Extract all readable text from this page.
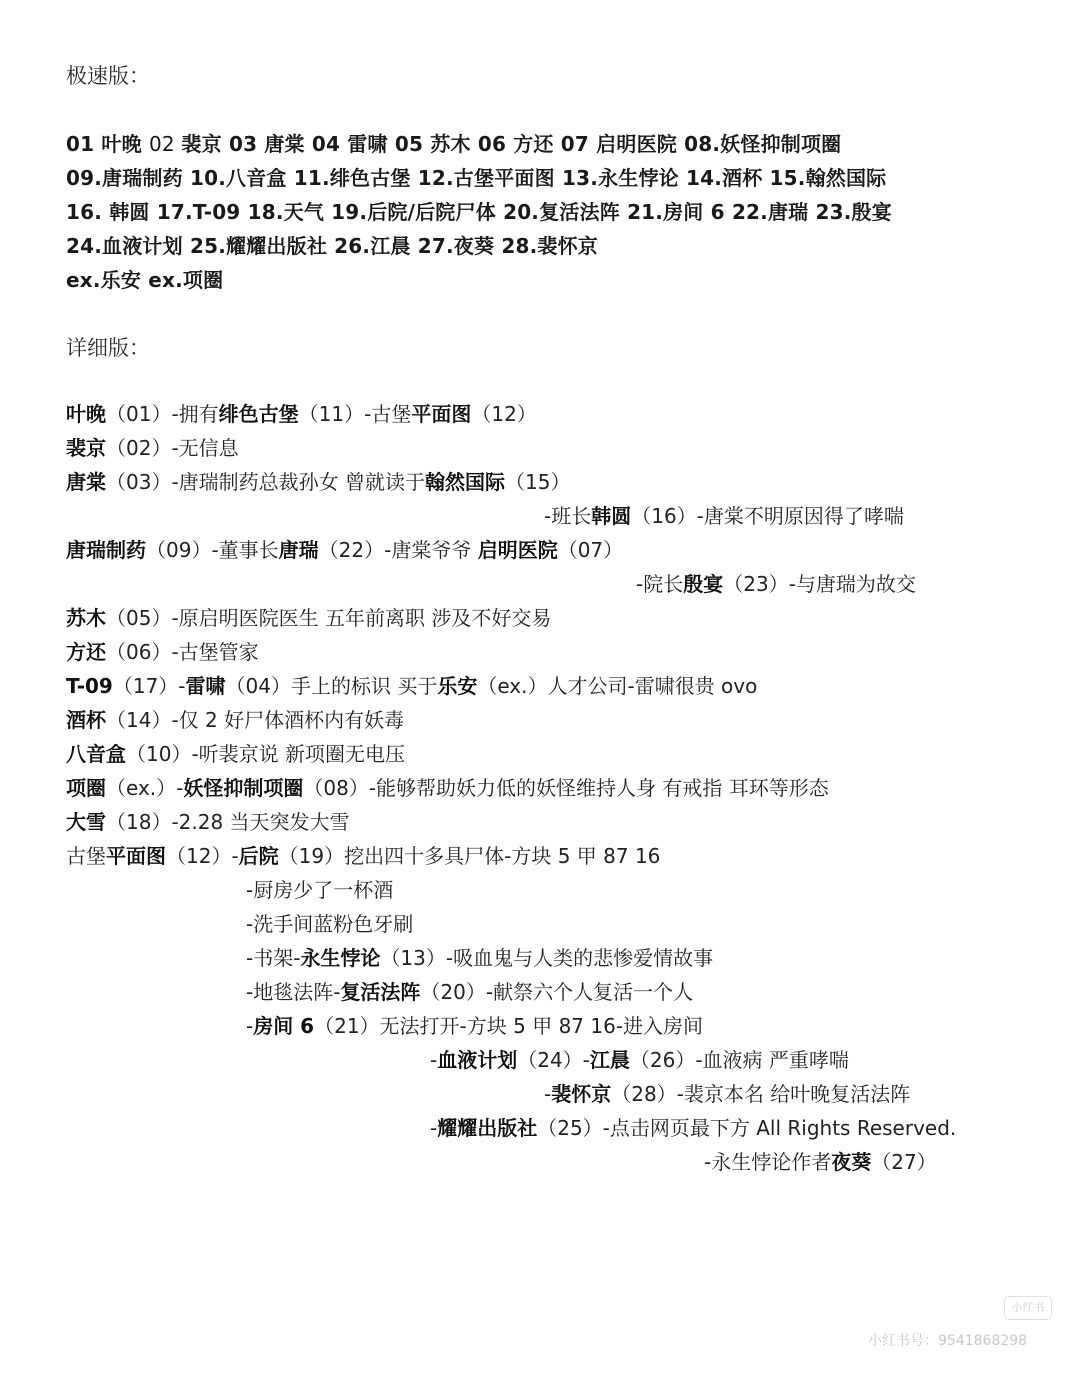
极速版：
01 叶晚 02 裴京 03 唐棠 04 雷啸 05 苏木 06 方还 07 启明医院 08.妖怪抑制项圈
09.唐瑞制药 10.八音盒 11.绯色古堡 12.古堡平面图 13.永生悖论 14.酒杯 15.翰然国际
16. 韩圆 17.T-09 18.天气 19.后院/后院尸体 20.复活法阵 21.房间 6 22.唐瑞 23.殷宴
24.血液计划 25.耀耀出版社 26.江晨 27.夜葵 28.裴怀京
ex.乐安 ex.项圈
详细版：
叶晚（01）-拥有绯色古堡（11）-古堡平面图（12）
裴京（02）-无信息
唐棠（03）-唐瑞制药总裁孙女 曾就读于翰然国际（15）
-班长韩圆（16）-唐棠不明原因得了哮喘
唐瑞制药（09）-董事长唐瑞（22）-唐棠爷爷 启明医院（07）
-院长殷宴（23）-与唐瑞为故交
苏木（05）-原启明医院医生 五年前离职 涉及不好交易
方还（06）-古堡管家
T-09（17）-雷啸（04）手上的标识 买于乐安（ex.）人才公司-雷啸很贵 ovo
酒杯（14）-仅 2 好尸体酒杯内有妖毒
八音盒（10）-听裴京说 新项圈无电压
项圈（ex.）-妖怪抑制项圈（08）-能够帮助妖力低的妖怪维持人身 有戒指 耳环等形态
大雪（18）-2.28 当天突发大雪
古堡平面图（12）-后院（19）挖出四十多具尸体-方块 5 甲 87 16
-厨房少了一杯酒
-洗手间蓝粉色牙刷
-书架-永生悖论（13）-吸血鬼与人类的悲惨爱情故事
-地毯法阵-复活法阵（20）-献祭六个人复活一个人
-房间 6（21）无法打开-方块 5 甲 87 16-进入房间
-血液计划（24）-江晨（26）-血液病 严重哮喘
-裴怀京（28）-裴京本名 给叶晚复活法阵
-耀耀出版社（25）-点击网页最下方 All Rights Reserved.
-永生悖论作者夜葵（27）
小红书
小红书号：9541868298
